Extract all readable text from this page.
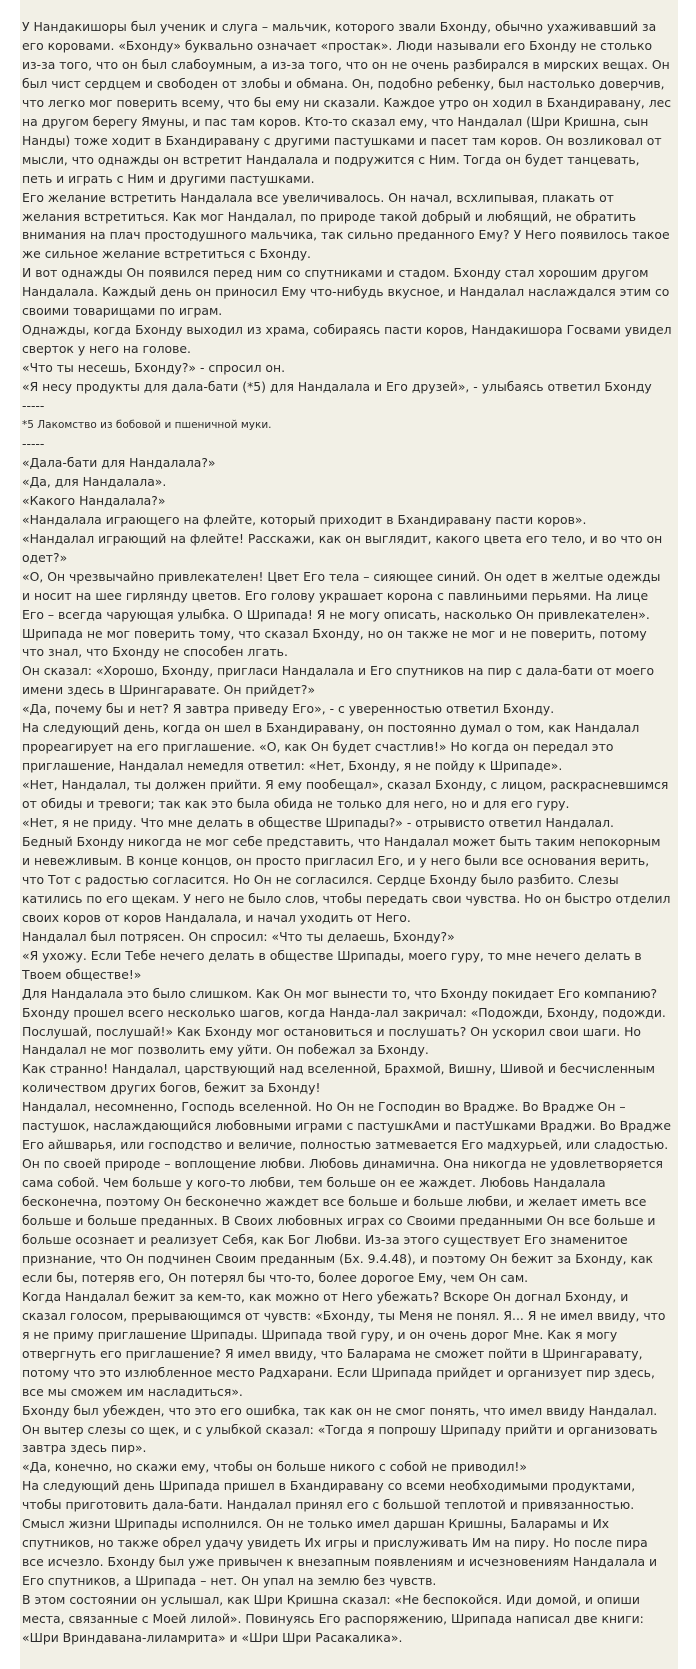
У Нандакишоры был ученик и слуга – мальчик, которого звали Бхонду, обычно ухаживавший за его коровами. «Бхонду» буквально означает «простак». Люди называли его Бхонду не столько из-за того, что он был слабоумным, а из-за того, что он не очень разбирался в мирских вещах. Он был чист сердцем и свободен от злобы и обмана. Он, подобно ребенку, был настолько доверчив, что легко мог поверить всему, что бы ему ни сказали. Каждое утро он ходил в Бхандиравану, лес на другом берегу Ямуны, и пас там коров. Кто-то сказал ему, что Нандалал (Шри Кришна, сын Нанды) тоже ходит в Бхандиравану с другими пастушками и пасет там коров. Он возликовал от мысли, что однажды он встретит Нандалала и подружится с Ним. Тогда он будет танцевать, петь и играть с Ним и другими пастушками.

Его желание встретить Нандалала все увеличивалось. Он начал, всхлипывая, плакать от желания встретиться. Как мог Нандалал, по природе такой добрый и любящий, не обратить внимания на плач простодушного мальчика, так сильно преданного Ему? У Него появилось такое же сильное желание встретиться с Бхонду.

И вот однажды Он появился перед ним со спутниками и стадом. Бхонду стал хорошим другом Нандалала. Каждый день он приносил Ему что-нибудь вкусное, и Нандалал наслаждался этим со своими товарищами по играм.

Однажды, когда Бхонду выходил из храма, собираясь пасти коров, Нандакишора Госвами увидел сверток у него на голове.

«Что ты несешь, Бхонду?» - спросил он.

«Я несу продукты для дала-бати (*5) для Нандалала и Его друзей», - улыбаясь ответил Бхонду

-----

*5 Лакомство из бобовой и пшеничной муки.

-----

«Дала-бати для Нандалала?»

«Да, для Нандалала».

«Какого Нандалала?»

«Нандалала играющего на флейте, который приходит в Бхандиравану пасти коров».

«Нандалал играющий на флейте! Расскажи, как он выглядит, какого цвета его тело, и во что он одет?»

«О, Он чрезвычайно привлекателен! Цвет Его тела – сияющее синий. Он одет в желтые одежды и носит на шее гирлянду цветов. Его голову украшает корона с павлиньими перьями. На лице Его – всегда чарующая улыбка. О Шрипада! Я не могу описать, насколько Он привлекателен».

Шрипада не мог поверить тому, что сказал Бхонду, но он также не мог и не поверить, потому что знал, что Бхонду не способен лгать.

Он сказал: «Хорошо, Бхонду, пригласи Нандалала и Его спутников на пир с дала-бати от моего имени здесь в Шрингаравате. Он прийдет?»

«Да, почему бы и нет? Я завтра приведу Его», - с уверенностью ответил Бхонду.

На следующий день, когда он шел в Бхандиравану, он постоянно думал о том, как Нандалал прореагирует на его приглашение. «О, как Он будет счастлив!» Но когда он передал это приглашение, Нандалал немедля ответил: «Нет, Бхонду, я не пойду к Шрипаде».

«Нет, Нандалал, ты должен прийти. Я ему пообещал», сказал Бхонду, с лицом, раскрасневшимся от обиды и тревоги; так как это была обида не только для него, но и для его гуру.

«Нет, я не приду. Что мне делать в обществе Шрипады?» - отрывисто ответил Нандалал.

Бедный Бхонду никогда не мог себе представить, что Нандалал может быть таким непокорным и невежливым. В конце концов, он просто пригласил Его, и у него были все основания верить, что Тот с радостью согласится. Но Он не согласился. Сердце Бхонду было разбито. Слезы катились по его щекам. У него не было слов, чтобы передать свои чувства. Но он быстро отделил своих коров от коров Нандалала, и начал уходить от Него.

Нандалал был потрясен. Он спросил: «Что ты делаешь, Бхонду?»

«Я ухожу. Если Тебе нечего делать в обществе Шрипады, моего гуру, то мне нечего делать в Твоем обществе!»

Для Нандалала это было слишком. Как Он мог вынести то, что Бхонду покидает Его компанию? Бхонду прошел всего несколько шагов, когда Нанда-лал закричал: «Подожди, Бхонду, подожди. Послушай, послушай!» Как Бхонду мог остановиться и послушать? Он ускорил свои шаги. Но Нандалал не мог позволить ему уйти. Он побежал за Бхонду.

Как странно! Нандалал, царствующий над вселенной, Брахмой, Вишну, Шивой и бесчисленным количеством других богов, бежит за Бхонду!

Нандалал, несомненно, Господь вселенной. Но Он не Господин во Врадже. Во Врадже Он – пастушок, наслаждающийся любовными играми с пастушкАми и пастУшками Враджи. Во Врадже Его айшварья, или господство и величие, полностью затмевается Его мадхурьей, или сладостью. Он по своей природе – воплощение любви. Любовь динамична. Она никогда не удовлетворяется сама собой. Чем больше у кого-то любви, тем больше он ее жаждет. Любовь Нандалала бесконечна, поэтому Он бесконечно жаждет все больше и больше любви, и желает иметь все больше и больше преданных. В Своих любовных играх со Своими преданными Он все больше и больше осознает и реализует Себя, как Бог Любви. Из-за этого существует Его знаменитое признание, что Он подчинен Своим преданным (Бх. 9.4.48), и поэтому Он бежит за Бхонду, как если бы, потеряв его, Он потерял бы что-то, более дорогое Ему, чем Он сам.

Когда Нандалал бежит за кем-то, как можно от Него убежать? Вскоре Он догнал Бхонду, и сказал голосом, прерывающимся от чувств: «Бхонду, ты Меня не понял. Я... Я не имел ввиду, что я не приму приглашение Шрипады. Шрипада твой гуру, и он очень дорог Мне. Как я могу отвергнуть его приглашение? Я имел ввиду, что Баларама не сможет пойти в Шрингаравату, потому что это излюбленное место Радхарани. Если Шрипада прийдет и организует пир здесь, все мы сможем им насладиться».

Бхонду был убежден, что это его ошибка, так как он не смог понять, что имел ввиду Нандалал. Он вытер слезы со щек, и с улыбкой сказал: «Тогда я попрошу Шрипаду прийти и организовать завтра здесь пир».

«Да, конечно, но скажи ему, чтобы он больше никого с собой не приводил!»

На следующий день Шрипада пришел в Бхандиравану со всеми необходимыми продуктами, чтобы приготовить дала-бати. Нандалал принял его с большой теплотой и привязанностью. Смысл жизни Шрипады исполнился. Он не только имел даршан Кришны, Баларамы и Их спутников, но также обрел удачу увидеть Их игры и прислуживать Им на пиру. Но после пира все исчезло. Бхонду был уже привычен к внезапным появлениям и исчезновениям Нандалала и Его спутников, а Шрипада – нет. Он упал на землю без чувств.

В этом состоянии он услышал, как Шри Кришна сказал: «Не беспокойся. Иди домой, и опиши места, связанные с Моей лилой». Повинуясь Его распоряжению, Шрипада написал две книги: «Шри Вриндавана-лиламрита» и «Шри Шри Расакалика».
